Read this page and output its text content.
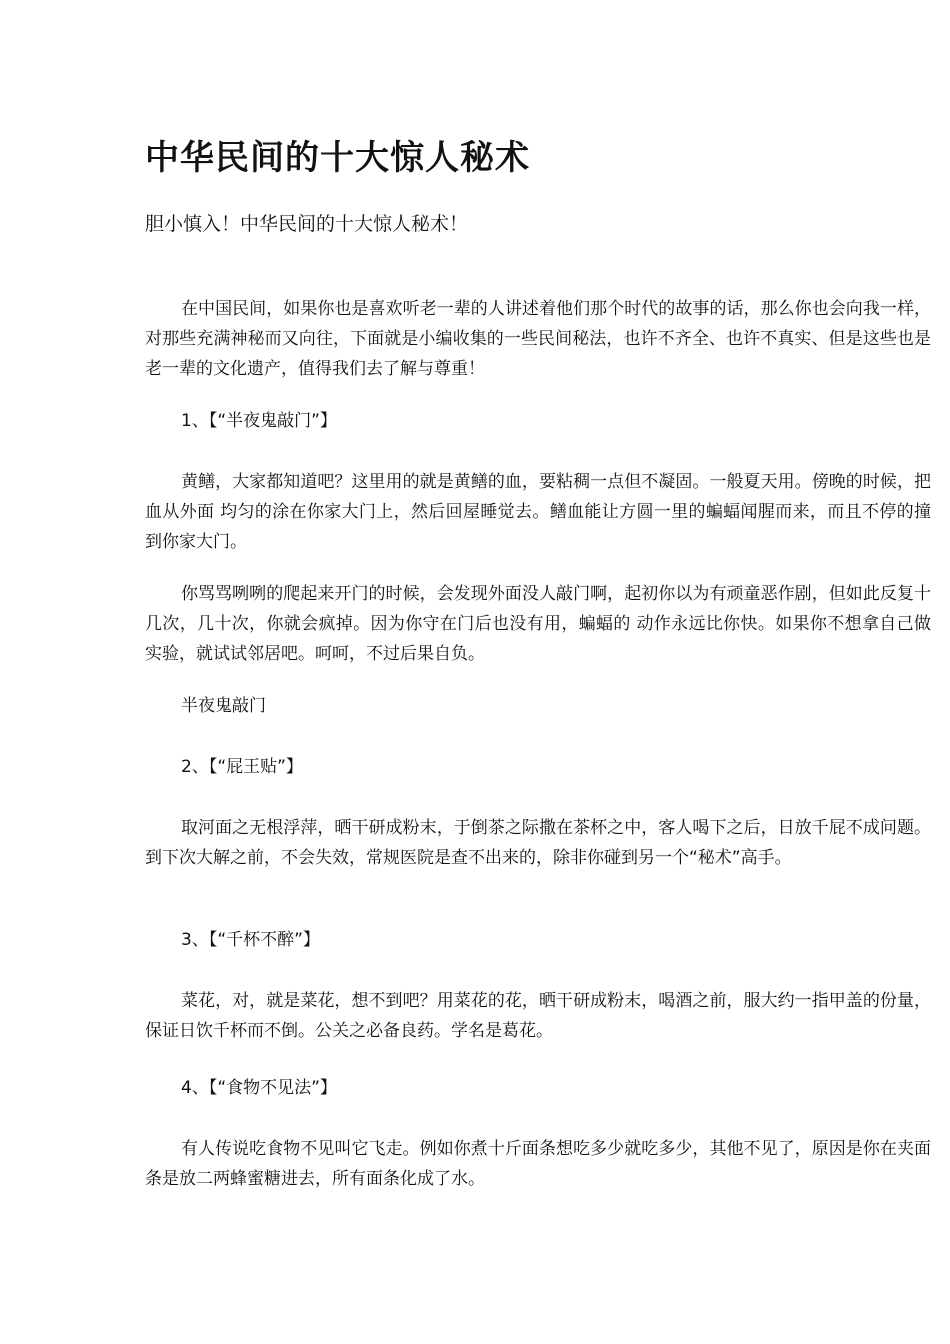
中华民间的十大惊人秘术

胆小慎入！中华民间的十大惊人秘术！

在中国民间，如果你也是喜欢听老一辈的人讲述着他们那个时代的故事的话，那么你也会向我一样，对那些充满神秘而又向往，下面就是小编收集的一些民间秘法，也许不齐全、也许不真实、但是这些也是老一辈的文化遗产，值得我们去了解与尊重！

1、【“半夜鬼敲门”】

黄鳝，大家都知道吧？这里用的就是黄鳝的血，要粘稠一点但不凝固。一般夏天用。傍晚的时候，把血从外面 均匀的涂在你家大门上，然后回屋睡觉去。鳝血能让方圆一里的蝙蝠闻腥而来，而且不停的撞到你家大门。

你骂骂咧咧的爬起来开门的时候，会发现外面没人敲门啊，起初你以为有顽童恶作剧，但如此反复十几次，几十次，你就会疯掉。因为你守在门后也没有用，蝙蝠的 动作永远比你快。如果你不想拿自己做实验，就试试邻居吧。呵呵，不过后果自负。

半夜鬼敲门

2、【“屁王贴”】

取河面之无根浮萍，晒干研成粉末，于倒茶之际撒在茶杯之中，客人喝下之后，日放千屁不成问题。到下次大解之前，不会失效，常规医院是查不出来的，除非你碰到另一个“秘术”高手。

3、【“千杯不醉”】

菜花，对，就是菜花，想不到吧？用菜花的花，晒干研成粉末，喝酒之前，服大约一指甲盖的份量，保证日饮千杯而不倒。公关之必备良药。学名是葛花。

4、【“食物不见法”】

有人传说吃食物不见叫它飞走。例如你煮十斤面条想吃多少就吃多少，其他不见了，原因是你在夹面条是放二两蜂蜜糖进去，所有面条化成了水。
